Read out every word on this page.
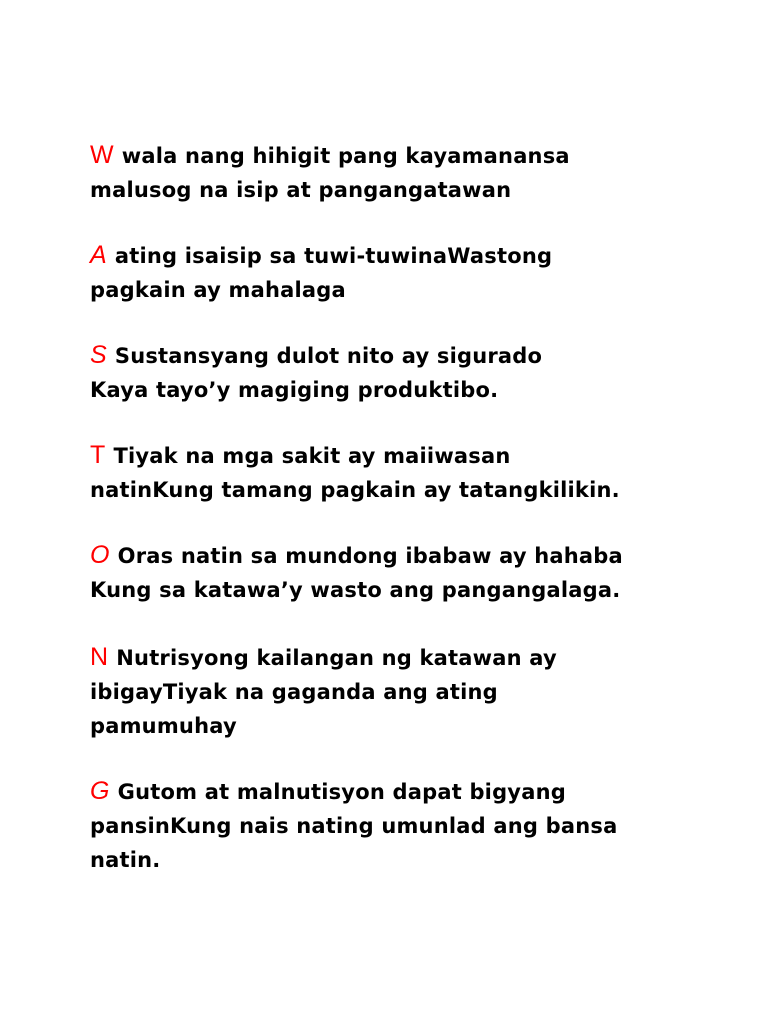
W wala nang hihigit pang kayamanansa
malusog na isip at pangangatawan
A ating isaisip sa tuwi-tuwinaWastong
pagkain ay mahalaga
S Sustansyang dulot nito ay sigurado
Kaya tayo’y magiging produktibo.
T Tiyak na mga sakit ay maiiwasan
natinKung tamang pagkain ay tatangkilikin.
O Oras natin sa mundong ibabaw ay hahaba
Kung sa katawa’y wasto ang pangangalaga.
N Nutrisyong kailangan ng katawan ay
ibigayTiyak na gaganda ang ating
pamumuhay
G Gutom at malnutisyon dapat bigyang
pansinKung nais nating umunlad ang bansa
natin.
